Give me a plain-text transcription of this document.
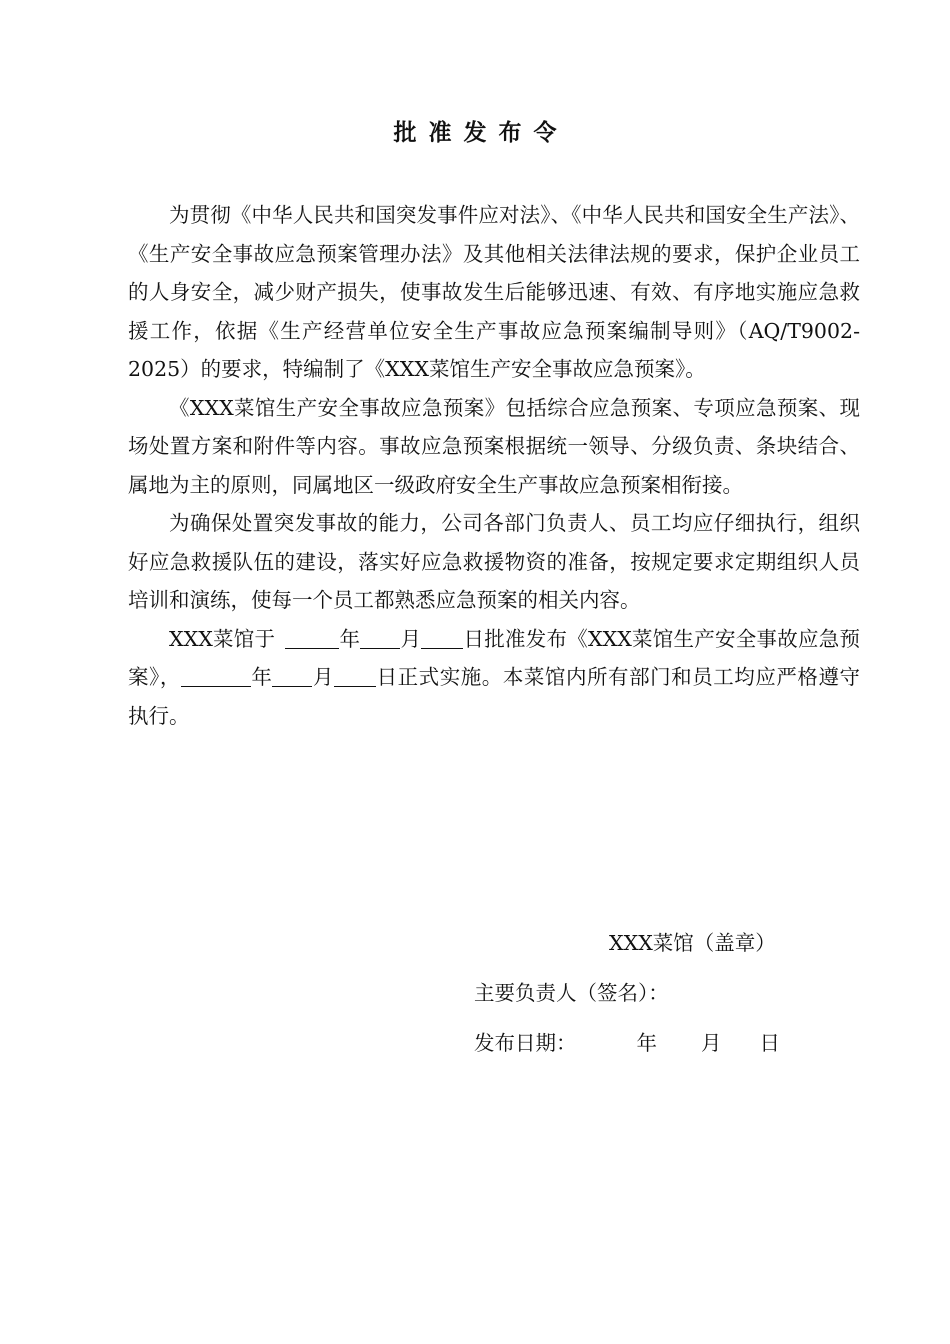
批准发布令

为贯彻《中华人民共和国突发事件应对法》、《中华人民共和国安全生产法》、《生产安全事故应急预案管理办法》及其他相关法律法规的要求，保护企业员工的人身安全，减少财产损失，使事故发生后能够迅速、有效、有序地实施应急救援工作，依据《生产经营单位安全生产事故应急预案编制导则》（AQ/T9002-2025）的要求，特编制了《XXX菜馆生产安全事故应急预案》。

《XXX菜馆生产安全事故应急预案》包括综合应急预案、专项应急预案、现场处置方案和附件等内容。事故应急预案根据统一领导、分级负责、条块结合、属地为主的原则，同属地区一级政府安全生产事故应急预案相衔接。

为确保处置突发事故的能力，公司各部门负责人、员工均应仔细执行，组织好应急救援队伍的建设，落实好应急救援物资的准备，按规定要求定期组织人员培训和演练，使每一个员工都熟悉应急预案的相关内容。

XXX菜馆于	年 月 日批准发布《XXX菜馆生产安全事故应急预案》，	年 月 日正式实施。本菜馆内所有部门和员工均应严格遵守执行。

XXX菜馆（盖章）
主要负责人（签名）：
发布日期：	年 月 日
